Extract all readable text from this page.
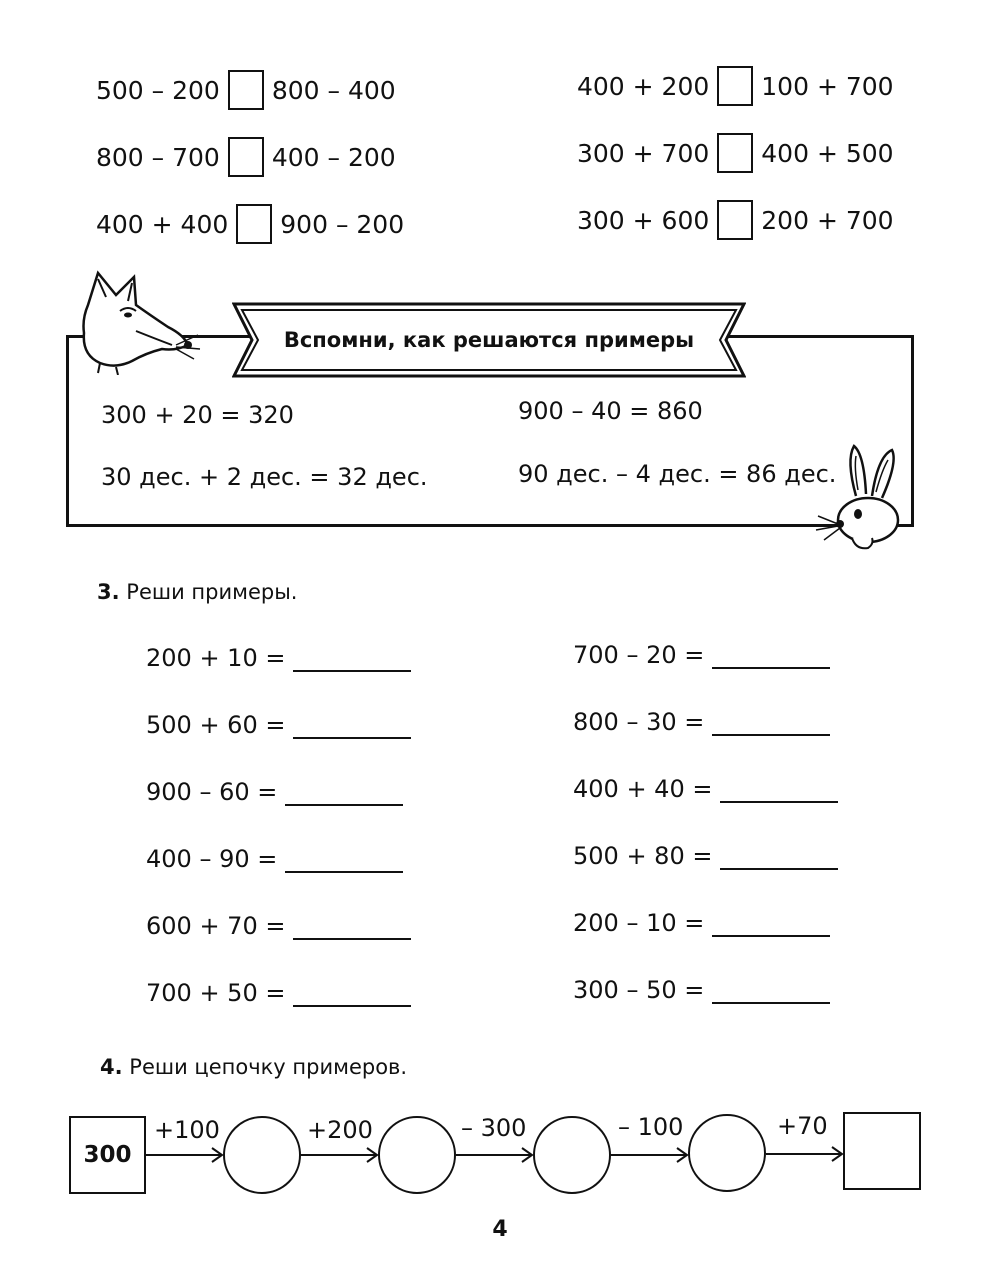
500 – 200 800 – 400
800 – 700 400 – 200
400 + 400 900 – 200
400 + 200 100 + 700
300 + 700 400 + 500
300 + 600 200 + 700
Вспомни, как решаются примеры
300 + 20 = 320	900 – 40 = 860
30 дес. + 2 дес. = 32 дес.	90 дес. – 4 дес. = 86 дес.
3. Реши примеры.
200 + 10 =
500 + 60 =
900 – 60 =
400 – 90 =
600 + 70 =
700 + 50 =
700 – 20 =
800 – 30 =
400 + 40 =
500 + 80 =
200 – 10 =
300 – 50 =
4. Реши цепочку примеров.
300
+100	+200	– 300	– 100	+70
4
